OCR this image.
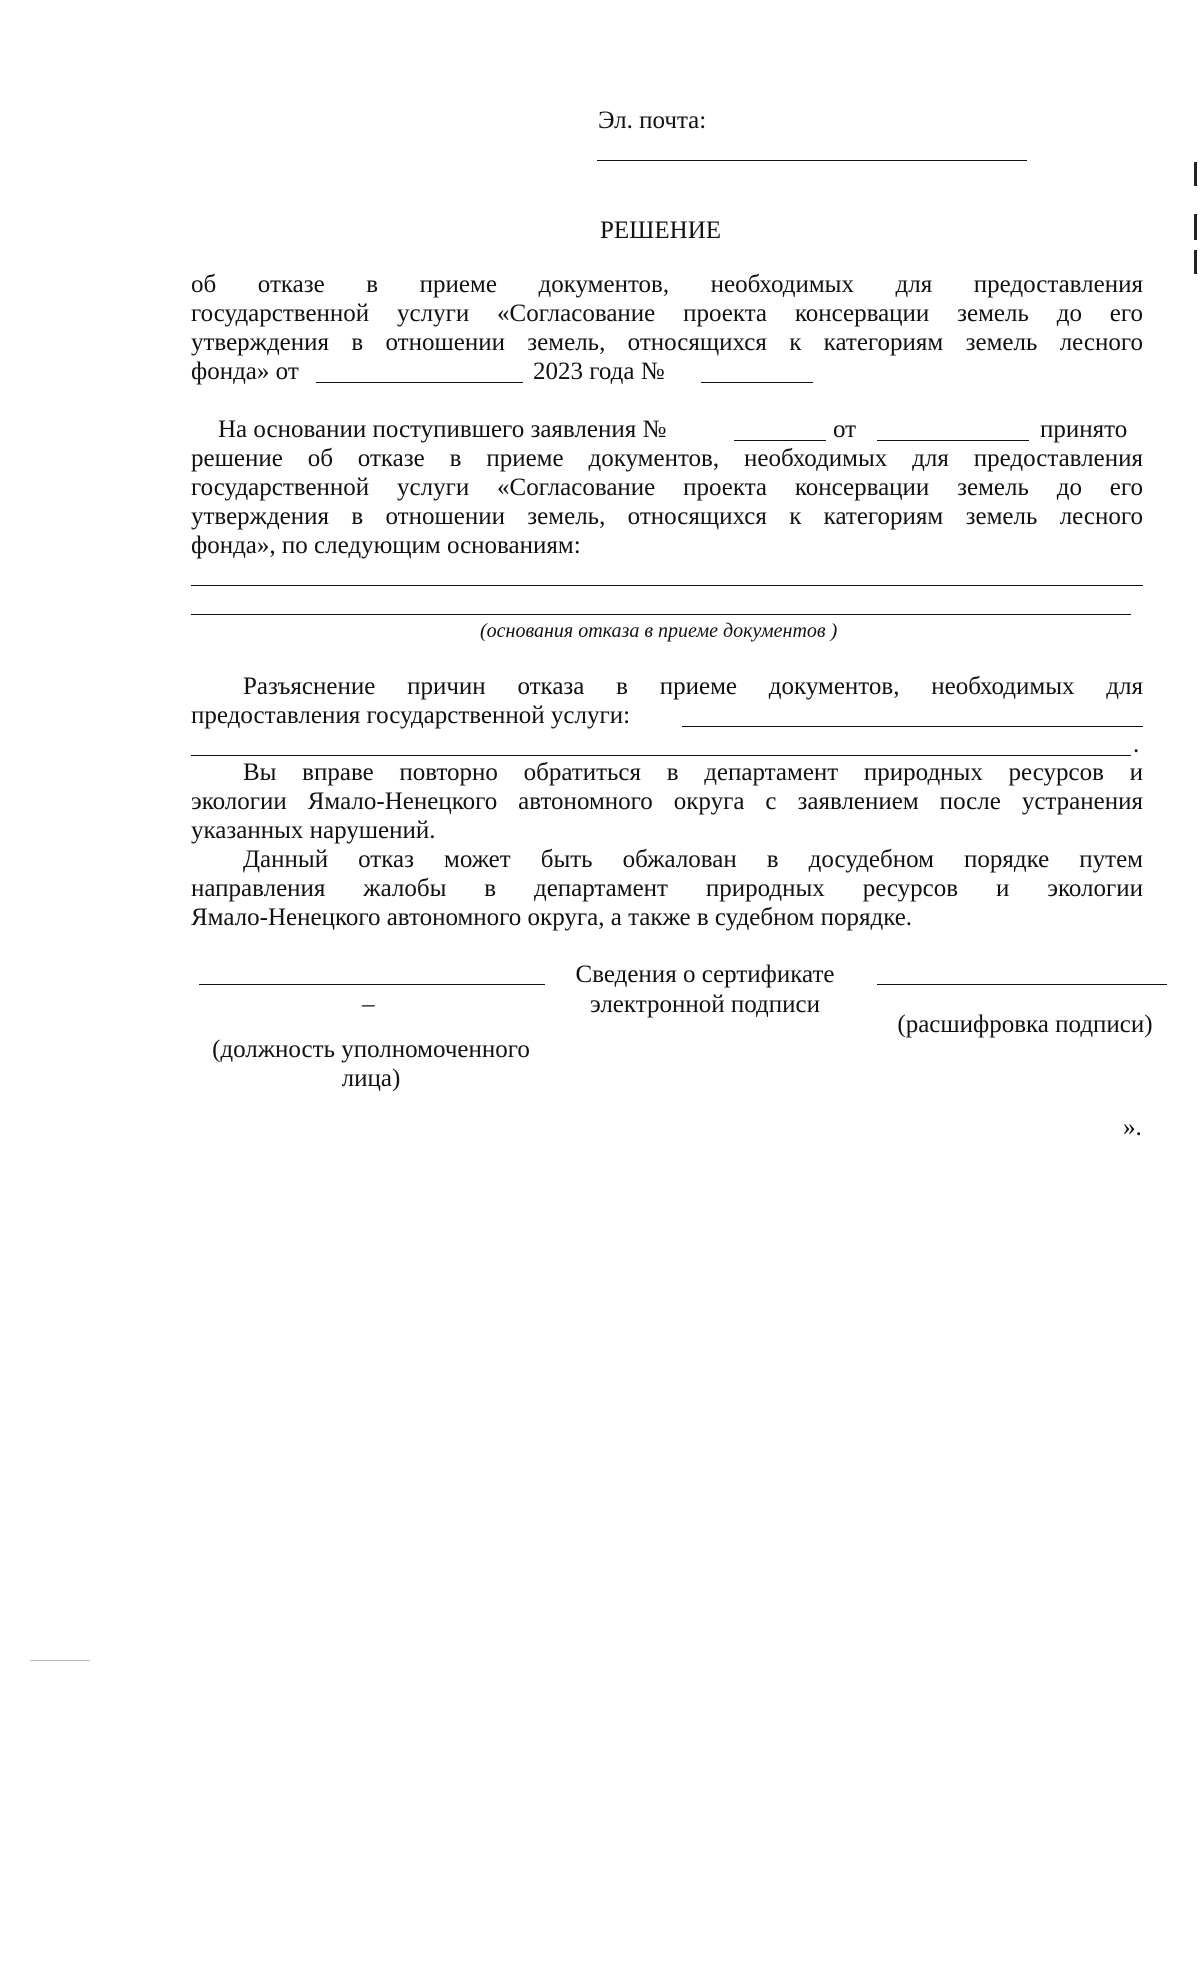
Эл. почта:
РЕШЕНИЕ
об отказе в приеме документов, необходимых для предоставления
государственной услуги «Согласование проекта консервации земель до его
утверждения в отношении земель, относящихся к категориям земель лесного
фонда» от	2023 года №
На основании поступившего заявления №	от	принято
решение об отказе в приеме документов, необходимых для предоставления
государственной услуги «Согласование проекта консервации земель до его
утверждения в отношении земель, относящихся к категориям земель лесного
фонда», по следующим основаниям:
(основания отказа в приеме документов )
Разъяснение причин отказа в приеме документов, необходимых для
предоставления государственной услуги:
.
Вы вправе повторно обратиться в департамент природных ресурсов и
экологии Ямало-Ненецкого автономного округа с заявлением после устранения
указанных нарушений.
Данный отказ может быть обжалован в досудебном порядке путем
направления жалобы в департамент природных ресурсов и экологии
Ямало-Ненецкого автономного округа, а также в судебном порядке.
–
(должность уполномоченного
лица)
Сведения о сертификате
электронной подписи
(расшифровка подписи)
».
